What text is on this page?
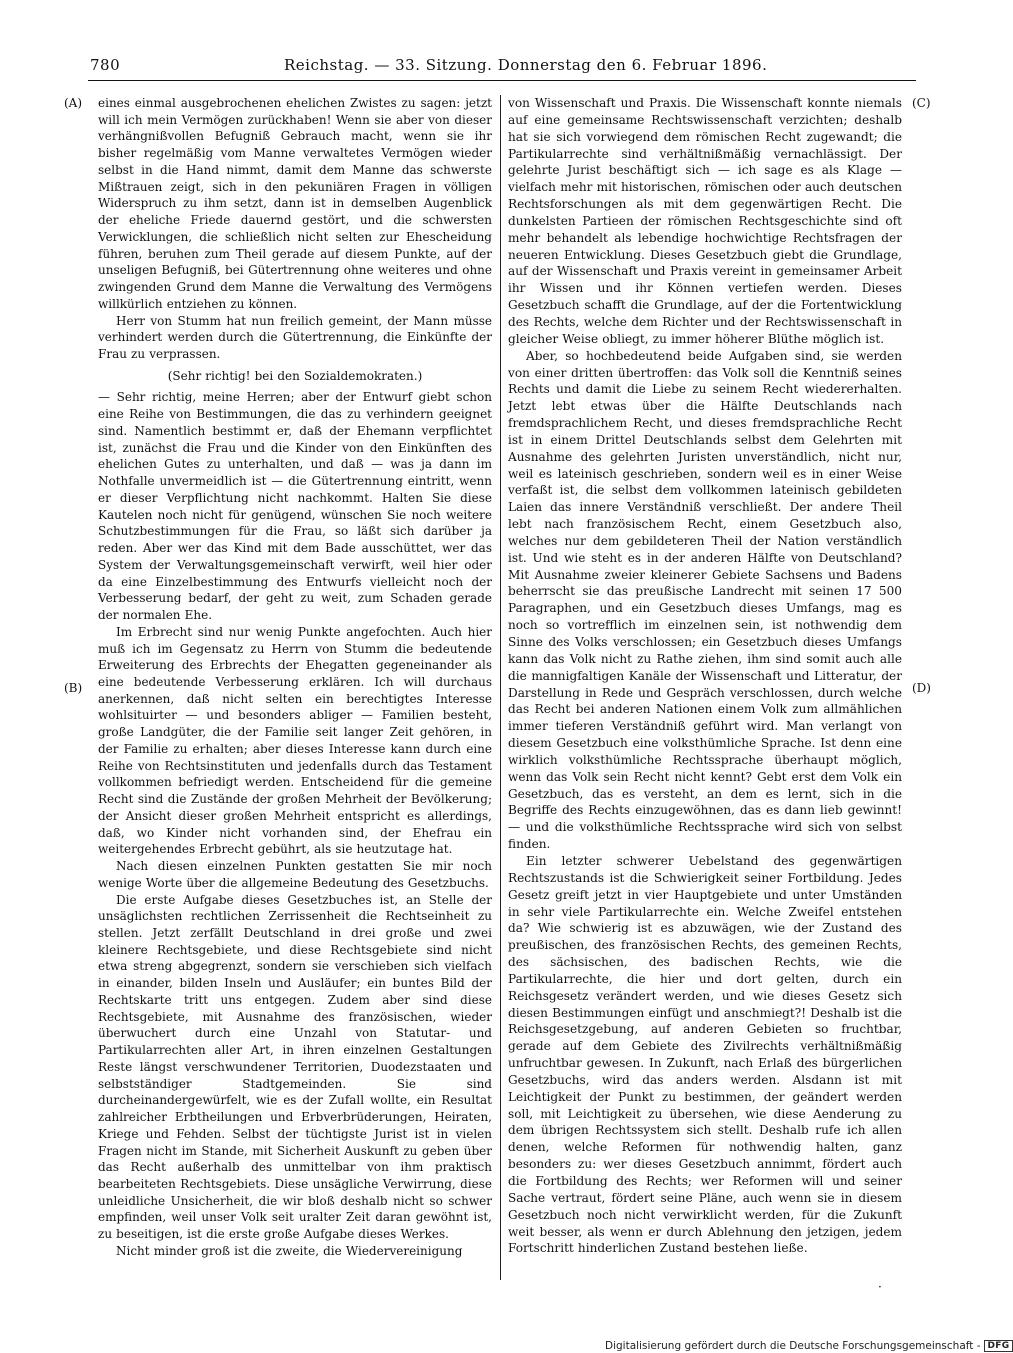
780	Reichstag. — 33. Sitzung. Donnerstag den 6. Februar 1896.
(A)
(B)
(C)
(D)

eines einmal ausgebrochenen ehelichen Zwistes zu sagen: jetzt will ich mein Vermögen zurückhaben! Wenn sie aber von dieser verhängnißvollen Befugniß Gebrauch macht, wenn sie ihr bisher regelmäßig vom Manne verwaltetes Vermögen wieder selbst in die Hand nimmt, damit dem Manne das schwerste Mißtrauen zeigt, sich in den pekuniären Fragen in völligen Widerspruch zu ihm setzt, dann ist in demselben Augenblick der eheliche Friede dauernd gestört, und die schwersten Verwicklungen, die schließlich nicht selten zur Ehescheidung führen, beruhen zum Theil gerade auf diesem Punkte, auf der unseligen Befugniß, bei Gütertrennung ohne weiteres und ohne zwingenden Grund dem Manne die Verwaltung des Vermögens willkürlich entziehen zu können.

Herr von Stumm hat nun freilich gemeint, der Mann müsse verhindert werden durch die Gütertrennung, die Einkünfte der Frau zu verprassen.

(Sehr richtig! bei den Sozialdemokraten.)

— Sehr richtig, meine Herren; aber der Entwurf giebt schon eine Reihe von Bestimmungen, die das zu verhindern geeignet sind. Namentlich bestimmt er, daß der Ehemann verpflichtet ist, zunächst die Frau und die Kinder von den Einkünften des ehelichen Gutes zu unterhalten, und daß — was ja dann im Nothfalle unvermeidlich ist — die Gütertrennung eintritt, wenn er dieser Verpflichtung nicht nachkommt. Halten Sie diese Kautelen noch nicht für genügend, wünschen Sie noch weitere Schutzbestimmungen für die Frau, so läßt sich darüber ja reden. Aber wer das Kind mit dem Bade ausschüttet, wer das System der Verwaltungsgemeinschaft verwirft, weil hier oder da eine Einzelbestimmung des Entwurfs vielleicht noch der Verbesserung bedarf, der geht zu weit, zum Schaden gerade der normalen Ehe.

Im Erbrecht sind nur wenig Punkte angefochten. Auch hier muß ich im Gegensatz zu Herrn von Stumm die bedeutende Erweiterung des Erbrechts der Ehegatten gegeneinander als eine bedeutende Verbesserung erklären. Ich will durchaus anerkennen, daß nicht selten ein berechtigtes Interesse wohlsituirter — und besonders abliger — Familien besteht, große Landgüter, die der Familie seit langer Zeit gehören, in der Familie zu erhalten; aber dieses Interesse kann durch eine Reihe von Rechtsinstituten und jedenfalls durch das Testament vollkommen befriedigt werden. Entscheidend für die gemeine Recht sind die Zustände der großen Mehrheit der Bevölkerung; der Ansicht dieser großen Mehrheit entspricht es allerdings, daß, wo Kinder nicht vorhanden sind, der Ehefrau ein weitergehendes Erbrecht gebührt, als sie heutzutage hat.

Nach diesen einzelnen Punkten gestatten Sie mir noch wenige Worte über die allgemeine Bedeutung des Gesetzbuchs.

Die erste Aufgabe dieses Gesetzbuches ist, an Stelle der unsäglichsten rechtlichen Zerrissenheit die Rechtseinheit zu stellen. Jetzt zerfällt Deutschland in drei große und zwei kleinere Rechtsgebiete, und diese Rechtsgebiete sind nicht etwa streng abgegrenzt, sondern sie verschieben sich vielfach in einander, bilden Inseln und Ausläufer; ein buntes Bild der Rechtskarte tritt uns entgegen. Zudem aber sind diese Rechtsgebiete, mit Ausnahme des französischen, wieder überwuchert durch eine Unzahl von Statutar- und Partikularrechten aller Art, in ihren einzelnen Gestaltungen Reste längst verschwundener Territorien, Duodezstaaten und selbstständiger Stadtgemeinden. Sie sind durcheinandergewürfelt, wie es der Zufall wollte, ein Resultat zahlreicher Erbtheilungen und Erbverbrüderungen, Heiraten, Kriege und Fehden. Selbst der tüchtigste Jurist ist in vielen Fragen nicht im Stande, mit Sicherheit Auskunft zu geben über das Recht außerhalb des unmittelbar von ihm praktisch bearbeiteten Rechtsgebiets. Diese unsägliche Verwirrung, diese unleidliche Unsicherheit, die wir bloß deshalb nicht so schwer empfinden, weil unser Volk seit uralter Zeit daran gewöhnt ist, zu beseitigen, ist die erste große Aufgabe dieses Werkes.

Nicht minder groß ist die zweite, die Wiedervereinigung

von Wissenschaft und Praxis. Die Wissenschaft konnte niemals auf eine gemeinsame Rechtswissenschaft verzichten; deshalb hat sie sich vorwiegend dem römischen Recht zugewandt; die Partikularrechte sind verhältnißmäßig vernachlässigt. Der gelehrte Jurist beschäftigt sich — ich sage es als Klage — vielfach mehr mit historischen, römischen oder auch deutschen Rechtsforschungen als mit dem gegenwärtigen Recht. Die dunkelsten Partieen der römischen Rechtsgeschichte sind oft mehr behandelt als lebendige hochwichtige Rechtsfragen der neueren Entwicklung. Dieses Gesetzbuch giebt die Grundlage, auf der Wissenschaft und Praxis vereint in gemeinsamer Arbeit ihr Wissen und ihr Können vertiefen werden. Dieses Gesetzbuch schafft die Grundlage, auf der die Fortentwicklung des Rechts, welche dem Richter und der Rechtswissenschaft in gleicher Weise obliegt, zu immer höherer Blüthe möglich ist.

Aber, so hochbedeutend beide Aufgaben sind, sie werden von einer dritten übertroffen: das Volk soll die Kenntniß seines Rechts und damit die Liebe zu seinem Recht wiedererhalten. Jetzt lebt etwas über die Hälfte Deutschlands nach fremdsprachlichem Recht, und dieses fremdsprachliche Recht ist in einem Drittel Deutschlands selbst dem Gelehrten mit Ausnahme des gelehrten Juristen unverständlich, nicht nur, weil es lateinisch geschrieben, sondern weil es in einer Weise verfaßt ist, die selbst dem vollkommen lateinisch gebildeten Laien das innere Verständniß verschließt. Der andere Theil lebt nach französischem Recht, einem Gesetzbuch also, welches nur dem gebildeteren Theil der Nation verständlich ist. Und wie steht es in der anderen Hälfte von Deutschland? Mit Ausnahme zweier kleinerer Gebiete Sachsens und Badens beherrscht sie das preußische Landrecht mit seinen 17 500 Paragraphen, und ein Gesetzbuch dieses Umfangs, mag es noch so vortrefflich im einzelnen sein, ist nothwendig dem Sinne des Volks verschlossen; ein Gesetzbuch dieses Umfangs kann das Volk nicht zu Rathe ziehen, ihm sind somit auch alle die mannigfaltigen Kanäle der Wissenschaft und Litteratur, der Darstellung in Rede und Gespräch verschlossen, durch welche das Recht bei anderen Nationen einem Volk zum allmählichen immer tieferen Verständniß geführt wird. Man verlangt von diesem Gesetzbuch eine volksthümliche Sprache. Ist denn eine wirklich volksthümliche Rechtssprache überhaupt möglich, wenn das Volk sein Recht nicht kennt? Gebt erst dem Volk ein Gesetzbuch, das es versteht, an dem es lernt, sich in die Begriffe des Rechts einzugewöhnen, das es dann lieb gewinnt! — und die volksthümliche Rechtssprache wird sich von selbst finden.

Ein letzter schwerer Uebelstand des gegenwärtigen Rechtszustands ist die Schwierigkeit seiner Fortbildung. Jedes Gesetz greift jetzt in vier Hauptgebiete und unter Umständen in sehr viele Partikularrechte ein. Welche Zweifel entstehen da? Wie schwierig ist es abzuwägen, wie der Zustand des preußischen, des französischen Rechts, des gemeinen Rechts, des sächsischen, des badischen Rechts, wie die Partikularrechte, die hier und dort gelten, durch ein Reichsgesetz verändert werden, und wie dieses Gesetz sich diesen Bestimmungen einfügt und anschmiegt?! Deshalb ist die Reichsgesetzgebung, auf anderen Gebieten so fruchtbar, gerade auf dem Gebiete des Zivilrechts verhältnißmäßig unfruchtbar gewesen. In Zukunft, nach Erlaß des bürgerlichen Gesetzbuchs, wird das anders werden. Alsdann ist mit Leichtigkeit der Punkt zu bestimmen, der geändert werden soll, mit Leichtigkeit zu übersehen, wie diese Aenderung zu dem übrigen Rechtssystem sich stellt. Deshalb rufe ich allen denen, welche Reformen für nothwendig halten, ganz besonders zu: wer dieses Gesetzbuch annimmt, fördert auch die Fortbildung des Rechts; wer Reformen will und seiner Sache vertraut, fördert seine Pläne, auch wenn sie in diesem Gesetzbuch noch nicht verwirklicht werden, für die Zukunft weit besser, als wenn er durch Ablehnung den jetzigen, jedem Fortschritt hinderlichen Zustand bestehen ließe.

·
Digitalisierung gefördert durch die Deutsche Forschungsgemeinschaft - DFG
